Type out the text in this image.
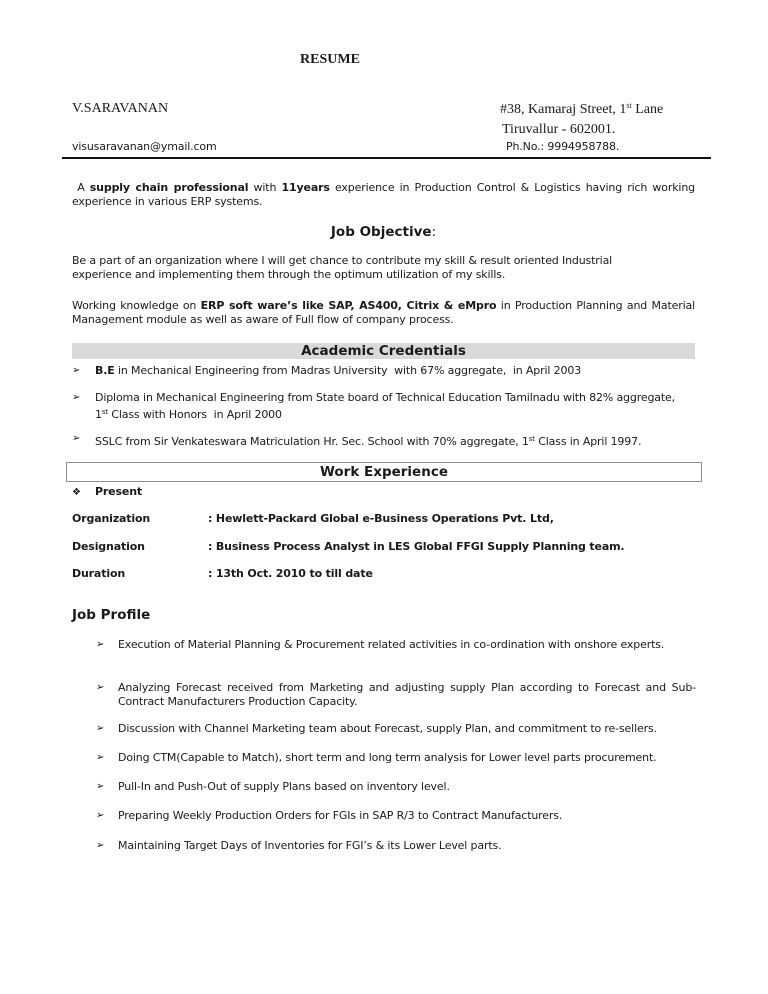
RESUME
V.SARAVANAN
visusaravanan@ymail.com
#38, Kamaraj Street, 1st Lane
Tiruvallur - 602001.
Ph.No.: 9994958788.
A supply chain professional with 11years experience in Production Control & Logistics having rich working experience in various ERP systems.
Job Objective:
Be a part of an organization where I will get chance to contribute my skill & result oriented Industrial experience and implementing them through the optimum utilization of my skills.
Working knowledge on ERP soft ware’s like SAP, AS400, Citrix & eMpro in Production Planning and Material Management module as well as aware of Full flow of company process.
Academic Credentials
➢ B.E in Mechanical Engineering from Madras University  with 67% aggregate,  in April 2003
➢ Diploma in Mechanical Engineering from State board of Technical Education Tamilnadu with 82% aggregate, 1st Class with Honors  in April 2000
➢ SSLC from Sir Venkateswara Matriculation Hr. Sec. School with 70% aggregate, 1st Class in April 1997.
Work Experience
❖ Present
Organization	: Hewlett-Packard Global e-Business Operations Pvt. Ltd,
Designation	: Business Process Analyst in LES Global FFGI Supply Planning team.
Duration	: 13th Oct. 2010 to till date
Job Profile
➢ Execution of Material Planning & Procurement related activities in co-ordination with onshore experts.
➢ Analyzing Forecast received from Marketing and adjusting supply Plan according to Forecast and Sub-Contract Manufacturers Production Capacity.
➢ Discussion with Channel Marketing team about Forecast, supply Plan, and commitment to re-sellers.
➢ Doing CTM(Capable to Match), short term and long term analysis for Lower level parts procurement.
➢ Pull-In and Push-Out of supply Plans based on inventory level.
➢ Preparing Weekly Production Orders for FGIs in SAP R/3 to Contract Manufacturers.
➢ Maintaining Target Days of Inventories for FGI’s & its Lower Level parts.
